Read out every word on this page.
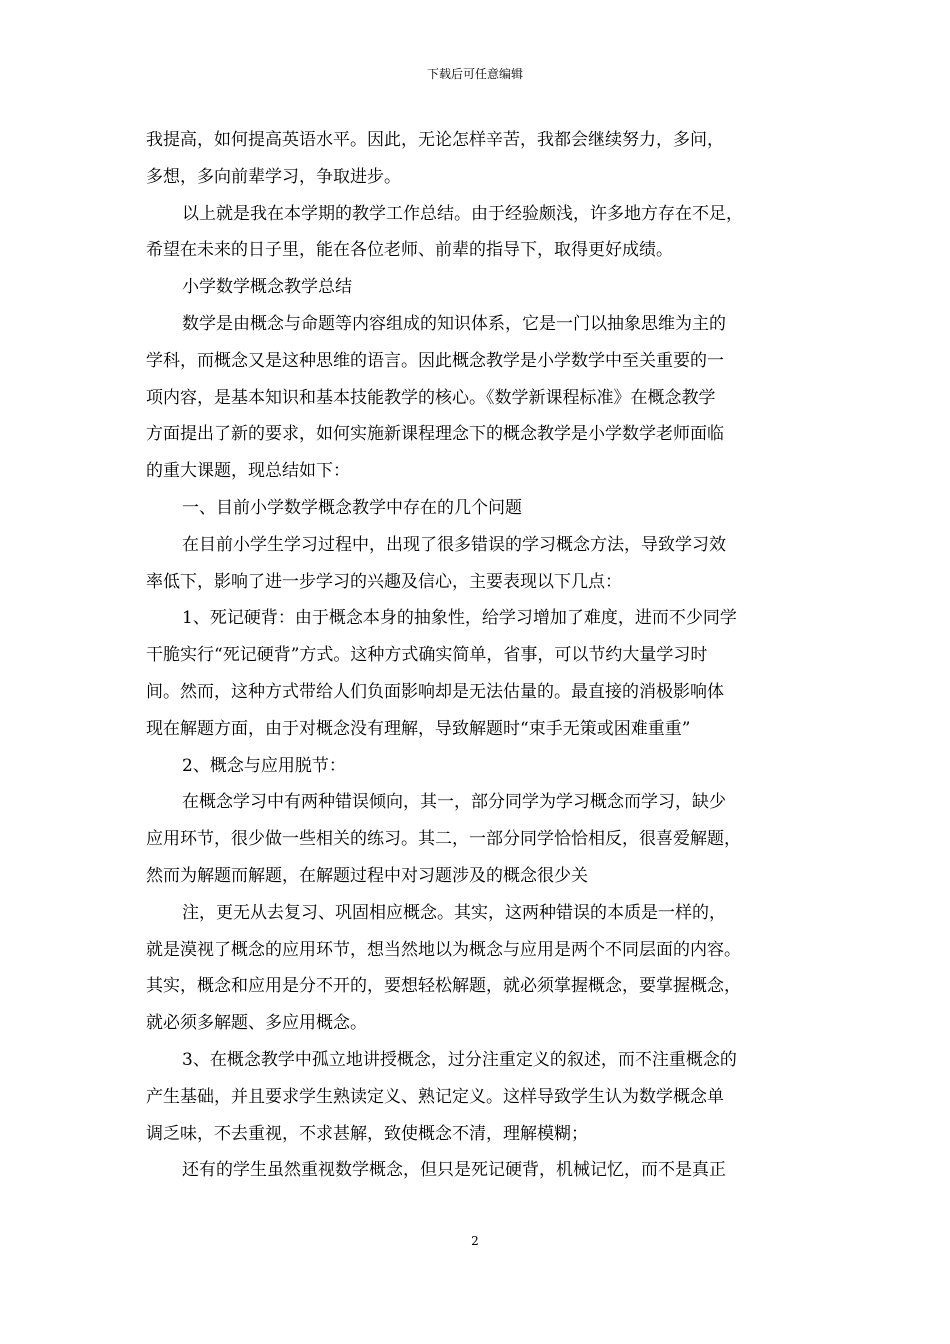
下载后可任意编辑
我提高，如何提高英语水平。因此，无论怎样辛苦，我都会继续努力，多问，
多想，多向前辈学习，争取进步。
以上就是我在本学期的教学工作总结。由于经验颇浅，许多地方存在不足，
希望在未来的日子里，能在各位老师、前辈的指导下，取得更好成绩。
小学数学概念教学总结
数学是由概念与命题等内容组成的知识体系，它是一门以抽象思维为主的
学科，而概念又是这种思维的语言。因此概念教学是小学数学中至关重要的一
项内容，是基本知识和基本技能教学的核心。《数学新课程标准》在概念教学
方面提出了新的要求，如何实施新课程理念下的概念教学是小学数学老师面临
的重大课题，现总结如下：
一、目前小学数学概念教学中存在的几个问题
在目前小学生学习过程中，出现了很多错误的学习概念方法，导致学习效
率低下，影响了进一步学习的兴趣及信心，主要表现以下几点：
1、死记硬背：由于概念本身的抽象性，给学习增加了难度，进而不少同学
干脆实行“死记硬背”方式。这种方式确实简单，省事，可以节约大量学习时
间。然而，这种方式带给人们负面影响却是无法估量的。最直接的消极影响体
现在解题方面，由于对概念没有理解，导致解题时“束手无策或困难重重”
2、概念与应用脱节：
在概念学习中有两种错误倾向，其一，部分同学为学习概念而学习，缺少
应用环节，很少做一些相关的练习。其二，一部分同学恰恰相反，很喜爱解题，
然而为解题而解题，在解题过程中对习题涉及的概念很少关
注，更无从去复习、巩固相应概念。其实，这两种错误的本质是一样的，
就是漠视了概念的应用环节，想当然地以为概念与应用是两个不同层面的内容。
其实，概念和应用是分不开的，要想轻松解题，就必须掌握概念，要掌握概念，
就必须多解题、多应用概念。
3、在概念教学中孤立地讲授概念，过分注重定义的叙述，而不注重概念的
产生基础，并且要求学生熟读定义、熟记定义。这样导致学生认为数学概念单
调乏味，不去重视，不求甚解，致使概念不清，理解模糊；
还有的学生虽然重视数学概念，但只是死记硬背，机械记忆，而不是真正
2
